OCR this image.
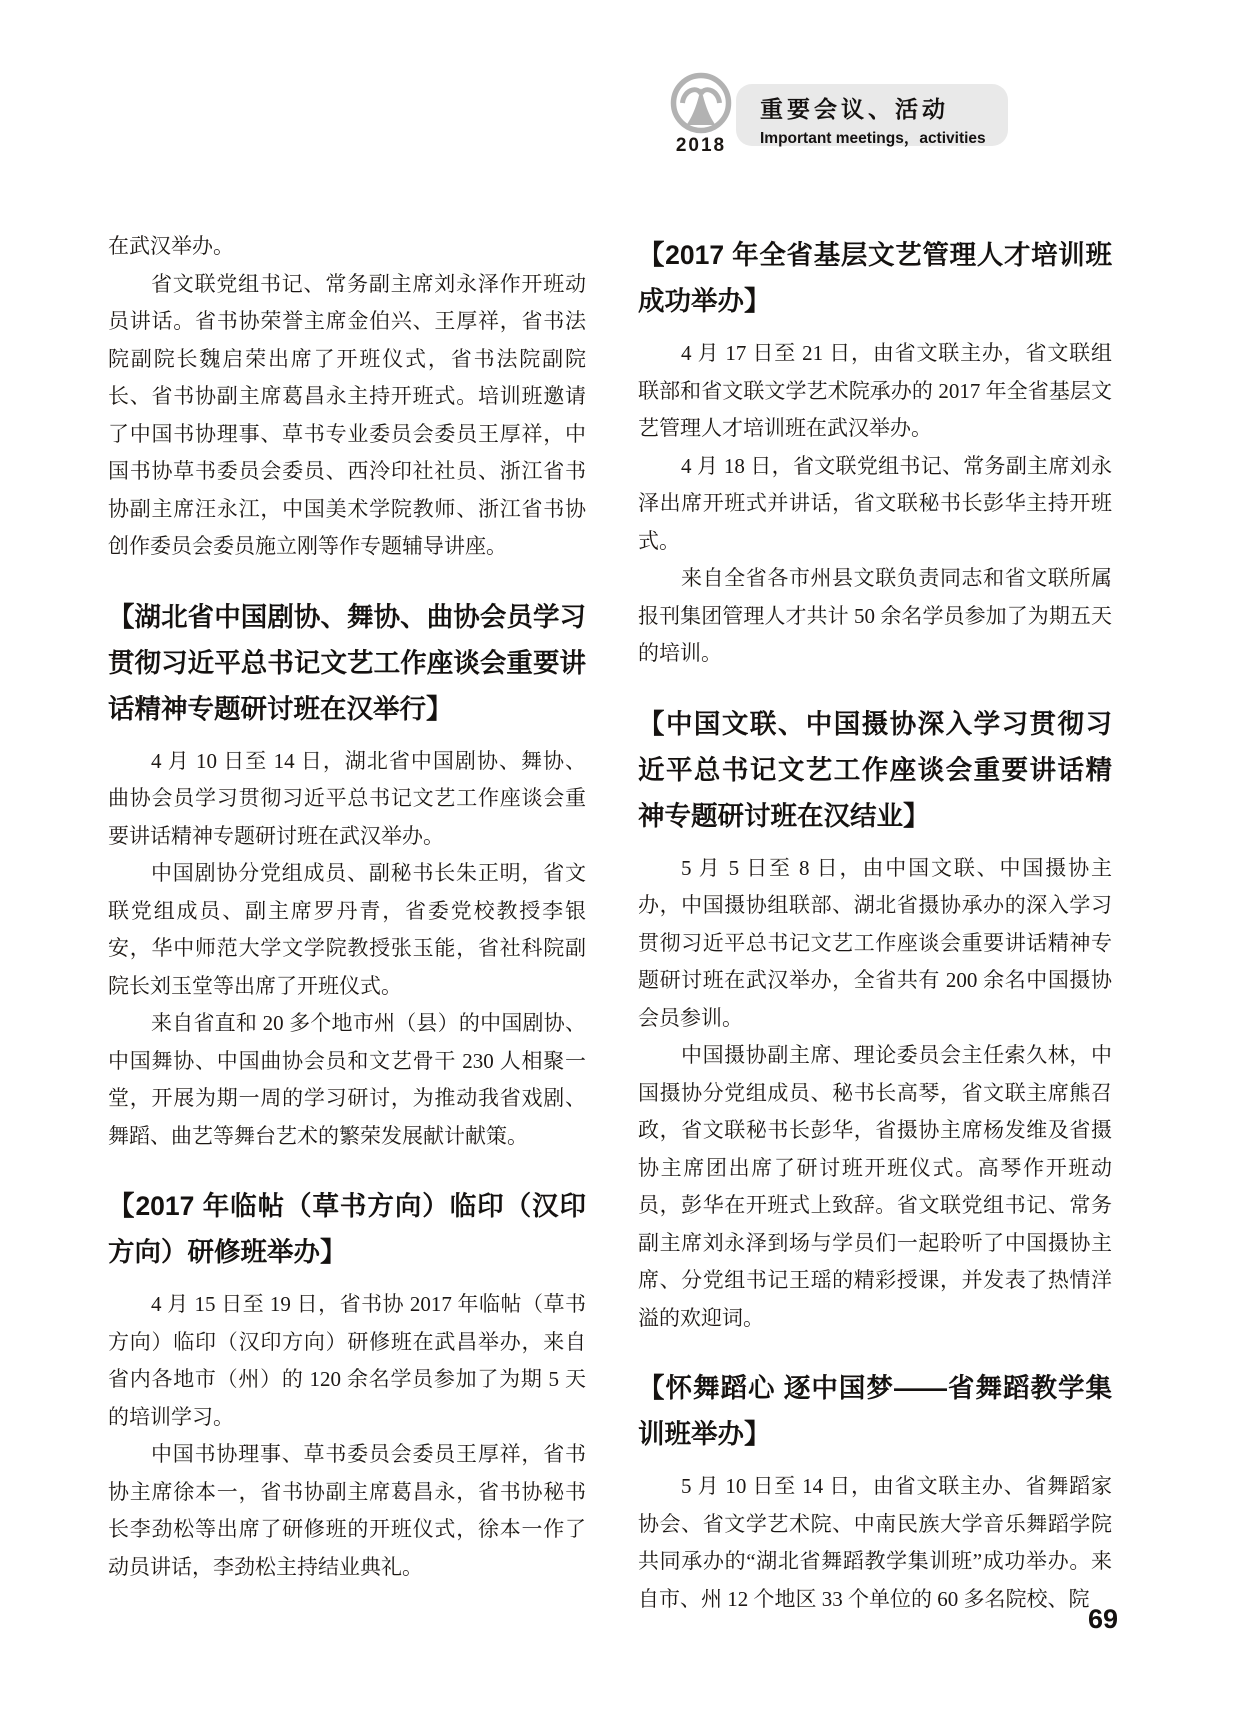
2018
重要会议、活动
Important meetings，activities

在武汉举办。

省文联党组书记、常务副主席刘永泽作开班动员讲话。省书协荣誉主席金伯兴、王厚祥，省书法院副院长魏启荣出席了开班仪式，省书法院副院长、省书协副主席葛昌永主持开班式。培训班邀请了中国书协理事、草书专业委员会委员王厚祥，中国书协草书委员会委员、西泠印社社员、浙江省书协副主席汪永江，中国美术学院教师、浙江省书协创作委员会委员施立刚等作专题辅导讲座。

【湖北省中国剧协、舞协、曲协会员学习贯彻习近平总书记文艺工作座谈会重要讲话精神专题研讨班在汉举行】

4 月 10 日至 14 日，湖北省中国剧协、舞协、曲协会员学习贯彻习近平总书记文艺工作座谈会重要讲话精神专题研讨班在武汉举办。

中国剧协分党组成员、副秘书长朱正明，省文联党组成员、副主席罗丹青，省委党校教授李银安，华中师范大学文学院教授张玉能，省社科院副院长刘玉堂等出席了开班仪式。

来自省直和 20 多个地市州（县）的中国剧协、中国舞协、中国曲协会员和文艺骨干 230 人相聚一堂，开展为期一周的学习研讨，为推动我省戏剧、舞蹈、曲艺等舞台艺术的繁荣发展献计献策。

【2017 年临帖（草书方向）临印（汉印方向）研修班举办】

4 月 15 日至 19 日，省书协 2017 年临帖（草书方向）临印（汉印方向）研修班在武昌举办，来自省内各地市（州）的 120 余名学员参加了为期 5 天的培训学习。

中国书协理事、草书委员会委员王厚祥，省书协主席徐本一，省书协副主席葛昌永，省书协秘书长李劲松等出席了研修班的开班仪式，徐本一作了动员讲话，李劲松主持结业典礼。

【2017 年全省基层文艺管理人才培训班成功举办】

4 月 17 日至 21 日，由省文联主办，省文联组联部和省文联文学艺术院承办的 2017 年全省基层文艺管理人才培训班在武汉举办。

4 月 18 日，省文联党组书记、常务副主席刘永泽出席开班式并讲话，省文联秘书长彭华主持开班式。

来自全省各市州县文联负责同志和省文联所属报刊集团管理人才共计 50 余名学员参加了为期五天的培训。

【中国文联、中国摄协深入学习贯彻习近平总书记文艺工作座谈会重要讲话精神专题研讨班在汉结业】

5 月 5 日至 8 日，由中国文联、中国摄协主办，中国摄协组联部、湖北省摄协承办的深入学习贯彻习近平总书记文艺工作座谈会重要讲话精神专题研讨班在武汉举办，全省共有 200 余名中国摄协会员参训。

中国摄协副主席、理论委员会主任索久林，中国摄协分党组成员、秘书长高琴，省文联主席熊召政，省文联秘书长彭华，省摄协主席杨发维及省摄协主席团出席了研讨班开班仪式。高琴作开班动员，彭华在开班式上致辞。省文联党组书记、常务副主席刘永泽到场与学员们一起聆听了中国摄协主席、分党组书记王瑶的精彩授课，并发表了热情洋溢的欢迎词。

【怀舞蹈心 逐中国梦——省舞蹈教学集训班举办】

5 月 10 日至 14 日，由省文联主办、省舞蹈家协会、省文学艺术院、中南民族大学音乐舞蹈学院共同承办的“湖北省舞蹈教学集训班”成功举办。来自市、州 12 个地区 33 个单位的 60 多名院校、院

69
